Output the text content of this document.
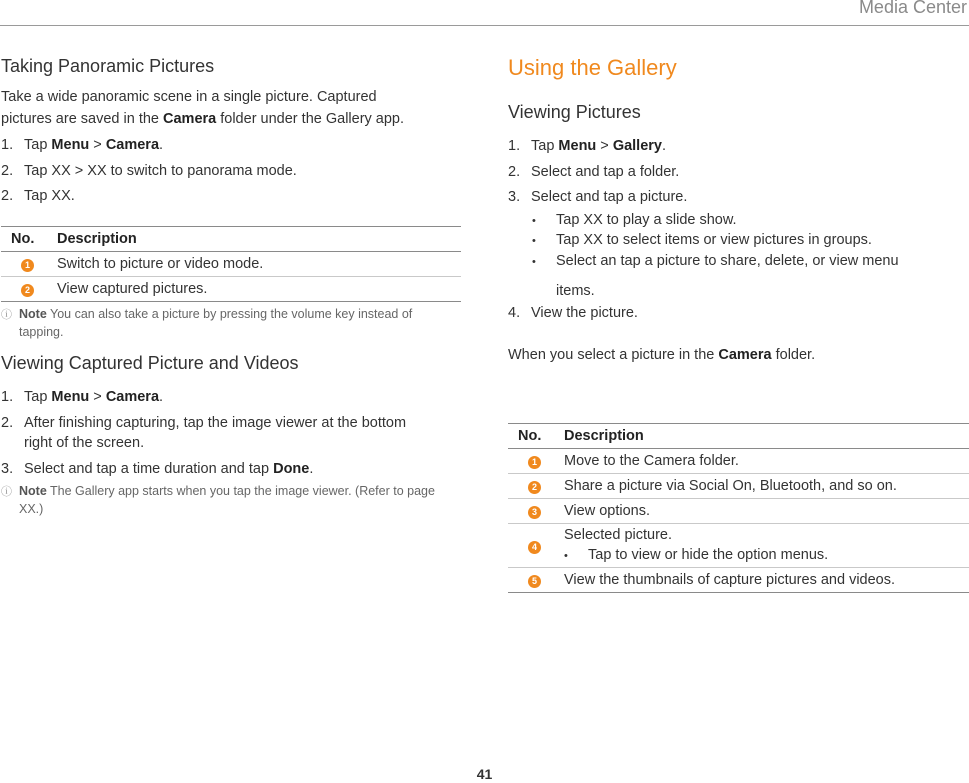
Media Center
Taking Panoramic Pictures
Take a wide panoramic scene in a single picture. Captured
pictures are saved in the Camera folder under the Gallery app.
1. Tap Menu > Camera.
2. Tap XX > XX to switch to panorama mode.
2. Tap XX.
No.	Description
1	Switch to picture or video mode.
2	View captured pictures.
ⓘ Note You can also take a picture by pressing the volume key instead of tapping.
Viewing Captured Picture and Videos
1. Tap Menu > Camera.
2. After finishing capturing, tap the image viewer at the bottom right of the screen.
3. Select and tap a time duration and tap Done.
ⓘ Note The Gallery app starts when you tap the image viewer. (Refer to page XX.)
Using the Gallery
Viewing Pictures
1. Tap Menu > Gallery.
2. Select and tap a folder.
3. Select and tap a picture.
• Tap XX to play a slide show.
• Tap XX to select items or view pictures in groups.
• Select an tap a picture to share, delete, or view menu
items.
4. View the picture.
When you select a picture in the Camera folder.
No.	Description
1	Move to the Camera folder.
2	Share a picture via Social On, Bluetooth, and so on.
3	View options.
4	Selected picture.
• Tap to view or hide the option menus.
5	View the thumbnails of capture pictures and videos.
41
